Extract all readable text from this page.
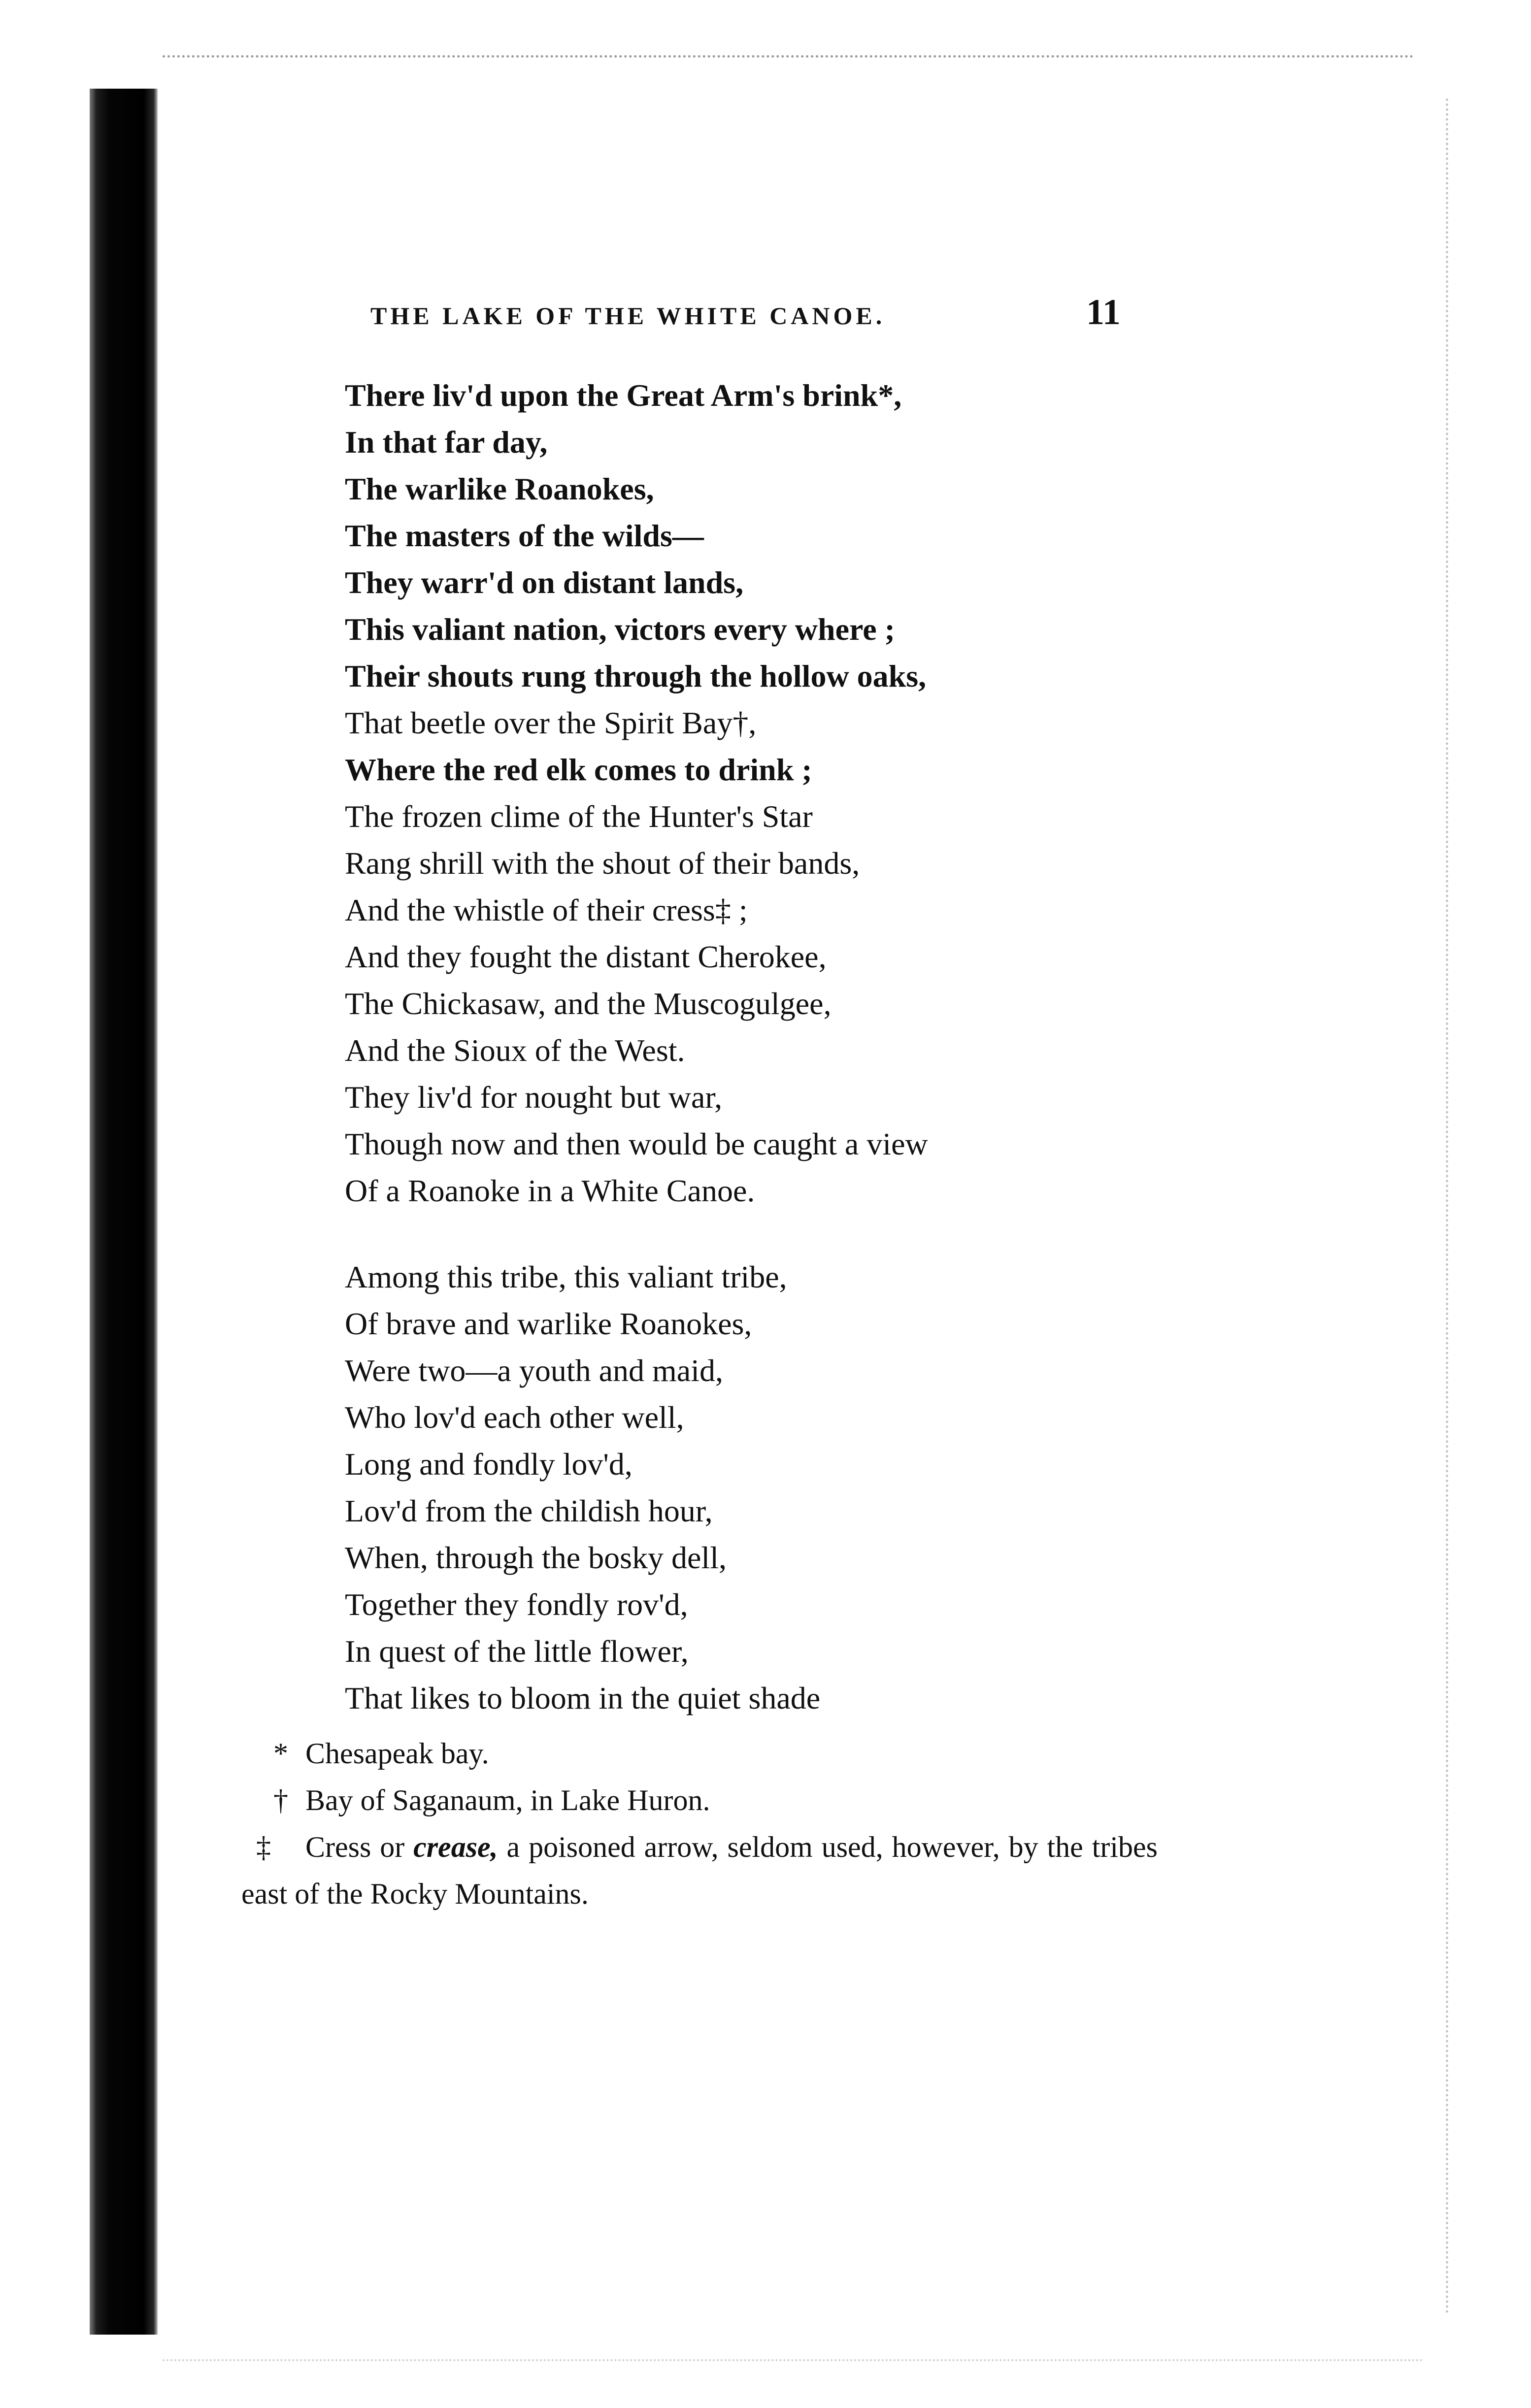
THE LAKE OF THE WHITE CANOE.	11
There liv'd upon the Great Arm's brink*,
In that far day,
The warlike Roanokes,
The masters of the wilds—
They warr'd on distant lands,
This valiant nation, victors every where ;
Their shouts rung through the hollow oaks,
That beetle over the Spirit Bay†,
Where the red elk comes to drink ;
The frozen clime of the Hunter's Star
Rang shrill with the shout of their bands,
And the whistle of their cress‡ ;
And they fought the distant Cherokee,
The Chickasaw, and the Muscogulgee,
And the Sioux of the West.
They liv'd for nought but war,
Though now and then would be caught a view
Of a Roanoke in a White Canoe.
Among this tribe, this valiant tribe,
Of brave and warlike Roanokes,
Were two—a youth and maid,
Who lov'd each other well,
Long and fondly lov'd,
Lov'd from the childish hour,
When, through the bosky dell,
Together they fondly rov'd,
In quest of the little flower,
That likes to bloom in the quiet shade
* Chesapeak bay.
† Bay of Saganaum, in Lake Huron.
‡ Cress or crease, a poisoned arrow, seldom used, however, by the tribes east of the Rocky Mountains.
